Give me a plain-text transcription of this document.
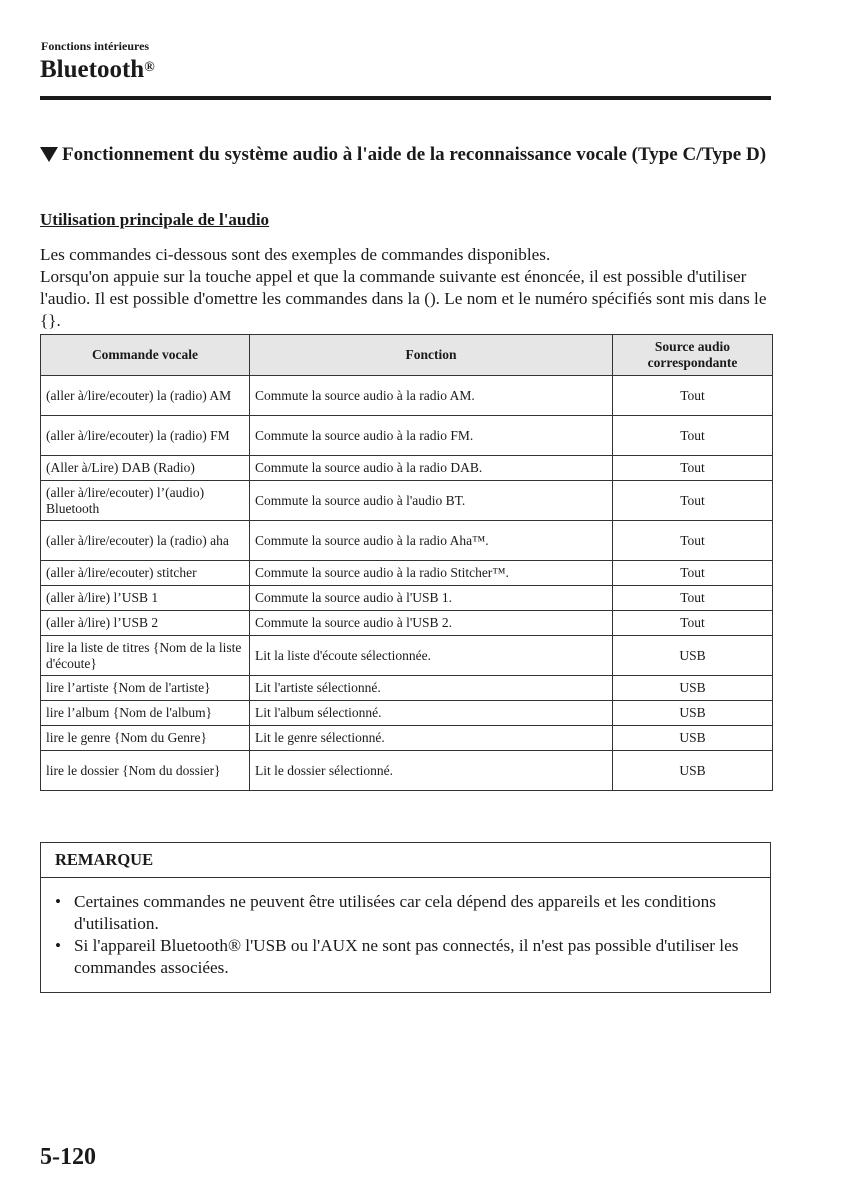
Fonctions intérieures
Bluetooth®
Fonctionnement du système audio à l'aide de la reconnaissance vocale (Type C/Type D)
Utilisation principale de l'audio

Les commandes ci-dessous sont des exemples de commandes disponibles.

Lorsqu'on appuie sur la touche appel et que la commande suivante est énoncée, il est possible d'utiliser l'audio. Il est possible d'omettre les commandes dans la (). Le nom et le numéro spécifiés sont mis dans le {}.

Commande vocale	Fonction	Source audio correspondante
(aller à/lire/ecouter) la (radio) AM	Commute la source audio à la radio AM.	Tout
(aller à/lire/ecouter) la (radio) FM	Commute la source audio à la radio FM.	Tout
(Aller à/Lire) DAB (Radio)	Commute la source audio à la radio DAB.	Tout
(aller à/lire/ecouter) l’(audio) Bluetooth	Commute la source audio à l'audio BT.	Tout
(aller à/lire/ecouter) la (radio) aha	Commute la source audio à la radio Aha™.	Tout
(aller à/lire/ecouter) stitcher	Commute la source audio à la radio Stitcher™.	Tout
(aller à/lire) l’USB 1	Commute la source audio à l'USB 1.	Tout
(aller à/lire) l’USB 2	Commute la source audio à l'USB 2.	Tout
lire la liste de titres {Nom de la liste d'écoute}	Lit la liste d'écoute sélectionnée.	USB
lire l’artiste {Nom de l'artiste}	Lit l'artiste sélectionné.	USB
lire l’album {Nom de l'album}	Lit l'album sélectionné.	USB
lire le genre {Nom du Genre}	Lit le genre sélectionné.	USB
lire le dossier {Nom du dossier}	Lit le dossier sélectionné.	USB
REMARQUE
• Certaines commandes ne peuvent être utilisées car cela dépend des appareils et les conditions d'utilisation.
• Si l'appareil Bluetooth® l'USB ou l'AUX ne sont pas connectés, il n'est pas possible d'utiliser les commandes associées.
5-120
